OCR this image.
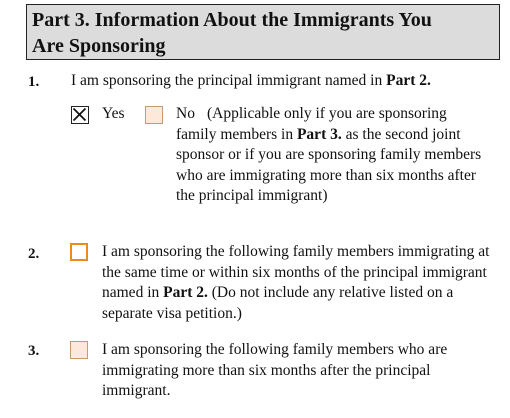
Part 3. Information About the Immigrants You
Are Sponsoring
1. I am sponsoring the principal immigrant named in Part 2.
Yes	No (Applicable only if you are sponsoring family members in Part 3. as the second joint sponsor or if you are sponsoring family members who are immigrating more than six months after the principal immigrant)
2.	I am sponsoring the following family members immigrating at the same time or within six months of the principal immigrant named in Part 2. (Do not include any relative listed on a separate visa petition.)
3.	I am sponsoring the following family members who are immigrating more than six months after the principal immigrant.
